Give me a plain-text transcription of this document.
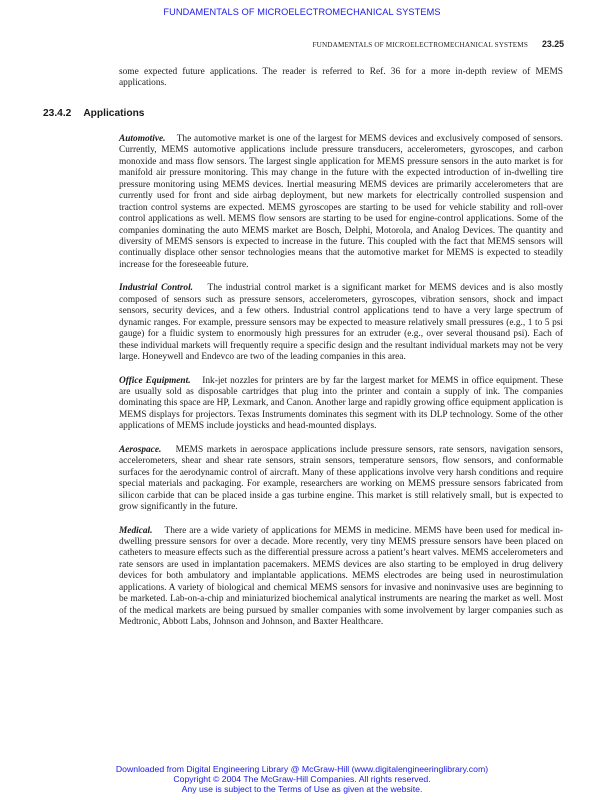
FUNDAMENTALS OF MICROELECTROMECHANICAL SYSTEMS
FUNDAMENTALS OF MICROELECTROMECHANICAL SYSTEMS 23.25

some expected future applications. The reader is referred to Ref. 36 for a more in-depth review of MEMS applications.

23.4.2 Applications

Automotive. The automotive market is one of the largest for MEMS devices and exclusively composed of sensors. Currently, MEMS automotive applications include pressure transducers, accelerometers, gyroscopes, and carbon monoxide and mass flow sensors. The largest single application for MEMS pressure sensors in the auto market is for manifold air pressure monitoring. This may change in the future with the expected introduction of in-dwelling tire pressure monitoring using MEMS devices. Inertial measuring MEMS devices are primarily accelerometers that are currently used for front and side airbag deployment, but new markets for electrically controlled suspension and traction control systems are expected. MEMS gyroscopes are starting to be used for vehicle stability and roll-over control applications as well. MEMS flow sensors are starting to be used for engine-control applications. Some of the companies dominating the auto MEMS market are Bosch, Delphi, Motorola, and Analog Devices. The quantity and diversity of MEMS sensors is expected to increase in the future. This coupled with the fact that MEMS sensors will continually displace other sensor technologies means that the automotive market for MEMS is expected to steadily increase for the foreseeable future.

Industrial Control. The industrial control market is a significant market for MEMS devices and is also mostly composed of sensors such as pressure sensors, accelerometers, gyroscopes, vibration sensors, shock and impact sensors, security devices, and a few others. Industrial control applications tend to have a very large spectrum of dynamic ranges. For example, pressure sensors may be expected to measure relatively small pressures (e.g., 1 to 5 psi gauge) for a fluidic system to enormously high pressures for an extruder (e.g., over several thousand psi). Each of these individual markets will frequently require a specific design and the resultant individual markets may not be very large. Honeywell and Endevco are two of the leading companies in this area.

Office Equipment. Ink-jet nozzles for printers are by far the largest market for MEMS in office equipment. These are usually sold as disposable cartridges that plug into the printer and contain a supply of ink. The companies dominating this space are HP, Lexmark, and Canon. Another large and rapidly growing office equipment application is MEMS displays for projectors. Texas Instruments dominates this segment with its DLP technology. Some of the other applications of MEMS include joysticks and head-mounted displays.

Aerospace. MEMS markets in aerospace applications include pressure sensors, rate sensors, navigation sensors, accelerometers, shear and shear rate sensors, strain sensors, temperature sensors, flow sensors, and conformable surfaces for the aerodynamic control of aircraft. Many of these applications involve very harsh conditions and require special materials and packaging. For example, researchers are working on MEMS pressure sensors fabricated from silicon carbide that can be placed inside a gas turbine engine. This market is still relatively small, but is expected to grow significantly in the future.

Medical. There are a wide variety of applications for MEMS in medicine. MEMS have been used for medical in-dwelling pressure sensors for over a decade. More recently, very tiny MEMS pressure sensors have been placed on catheters to measure effects such as the differential pressure across a patient’s heart valves. MEMS accelerometers and rate sensors are used in implantation pacemakers. MEMS devices are also starting to be employed in drug delivery devices for both ambulatory and implantable applications. MEMS electrodes are being used in neurostimulation applications. A variety of biological and chemical MEMS sensors for invasive and noninvasive uses are beginning to be marketed. Lab-on-a-chip and miniaturized biochemical analytical instruments are nearing the market as well. Most of the medical markets are being pursued by smaller companies with some involvement by larger companies such as Medtronic, Abbott Labs, Johnson and Johnson, and Baxter Healthcare.

Downloaded from Digital Engineering Library @ McGraw-Hill (www.digitalengineeringlibrary.com)
Copyright © 2004 The McGraw-Hill Companies. All rights reserved.
Any use is subject to the Terms of Use as given at the website.
